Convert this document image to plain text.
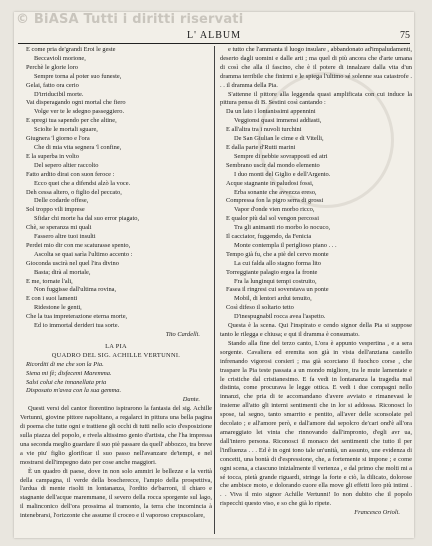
© BiASA Tutti i diritti riservati
L' ALBUM	75
E come pria de'grandi Eroi le geste
Beccavioli morione,
Perchè le glorie loro
Sempre torna al poter suo funeste,
Gelai, fatto ora cerio
D'irriducibil morte.
Vai disperagando ogni mortal che fiero
Volge ver te le sdegno passeggiero.
E spregi tua sapendo per che altine,
Sciolte le mortali sguare,
Giugnera 'l giorno e l'ora
Che di mia vita segnera 'l confine,
E la superba in volto
Del sepero altier raccolto
Fatto ardito dirai con suon feroce :
Ecco quei che a difendsi alzò la voce.
Deh cessa altero, o figlio del peccato,
Delle codarde offese,
Sol troppo vili imprese
Sfidar chi morte ha dal suo error piagato,
Chè, se speranza mi quali
Fassero altre tuoi insulti
Perdei mio dir con me scaturasse spento,
Ascolta se quai sarìa l'ultimo accento :
Gioconda uscirà nel quel l'ira divino
Basta; dirà al mortale,
E me, tornate l'ali,
Non fuggisse dall'ultima rovina,
E con i suoi lamenti
Ridestone le genti,
Che la tua impreterazione eterna morte,
Ed io immortal derideri tua sorte.
Tito Cardelli.
LA PIA
QUADRO DEL SIG. ACHILLE VERTUNNI.
Ricorditi di me che son la Pia.
Siena mi fè; disfecemi Maremma.
Salsi colui che innanellata pria
Disposato m'avea con la sua gemma.
Dante.
Questi versi del cantor fiorentino ispirarono la fantasia del sig. Achille Vertunni, giovine pittore napolitano, a regalarci in pittura una bella pagina di poema che tutte ogni e trattiene gli occhi di tutti nello scio d'esposizione sulla piazza del popolo, e rivela altissimo genio d'artista, che l'ha impressa una seconda meglio guardare il suo piè passare da quell' abbozzo, tra breve a vie piu' figlio glorificar il suo passo nell'avanzare de'tempi, e nel mostrarsi dell'impegno dato per cose anche maggiori.
È un quadro di paese, dove in non solo ammiri le bellezze e la verità della campagna, il verde della boscherecce, l'ampio della prospettiva, l'ardua di mente risolti in lontananza, l'ordito de'barroni, il chiaro e stagnante dell'acque maremmane, il severo della rocca sporgente sul lago, il malinconico dell'ora prossima al tramonto, la terra che incomincia à intenebrarsi, l'orizzonte che assume il croceo e il vaporoso crepuscolare,
e tutto che l'ammanta il luogo insulare , abbandonato ad'impaludamenti, deserto dagli uomini e dalle arti ; ma quel di più ancora che d'arte umana di così che alla il fascino, che è il potere di innalzare dalla vita d'un dramma terribile che finirmi e le spiega l'ultimo sé solenne sua catastrofe . . . il dramma della Pia.
S'attenne il pittore alla leggenda quasi amplificata con cui induce la pittura pensa di B. Sestini così cantando :
Da un lato i lontanissimi appennini
Veggionsi quasi immensi addiasti,
E all'altra tra i nuvoli turchini
De San Giulian le cime e di Vitelli,
E dalla parte d'Rutti marini
Sempre di nebbie sovrapposti ed atri
Sembrano uscir dal mondo elemento
I duo monti del Giglio e dell'Argento.
Acque stagnante in paludosi fossi,
Erba sonante che avvezza ereso,
Compressa fon la pigro serra di grossi
Vapor d'onde vien morbo ricco,
E qualor più dal sol vengon percossi
Tra gli animanti rio morbo lo nocuco,
Il cacciator, fuggendo, da Fenicia
Monte contempla il periglioso piano . . .
Tempo già fu, che a piè del cervo monte
La cui falda allo stagno forma lito
Torreggiante palagio ergea la fronte
Fra la lunginqui tempi costruito,
Fasea il ringresi cui soverstava un ponte
Mobil, di lentori ardui tenuito,
Così difeso il soltario tetto
D'inespugnabil rocca avea l'aspetto.
Questa è la scena. Qui l'inspirato e cendo signor della Pia si suppose tanto le rilegga e chiusa; e qui il dramma è consumato.
Stando alla fine del terzo canto, L'ora è appunto vespertina , e a sera sorgente. Cavaliera ed eremita son già in vista dell'anziana castello infrenando vigorosi corsieri ; ma già scorciano il fuochco corse , che traspare la Pia teste passata a un mondo migliore, tra le mute lamentate e le cristiche dal cristianesimo. E fa vedi in lontananza la tragedia mal distinta, come procurava le legge ottica. E vedi i due compagni nello innanzi, che pria di te accomandano d'avere avviato e rimanevasi le insieme all'atto gli interni sentimenti che in lor si addossa. Riconosci lo spose, tal segno, tanto smarrito e pentito, all'aver delle sconsolate pel decolato ; e all'amore però, e dall'amore dal sepolcro de'cari ond'è all'ora amareggiato lei vinta che rinnovando dall'impronto, d'egli avr ua, dall'intero persona. Riconosci il monaco dei sentimenti che tutto il per l'influenza . . . Ed è in ogni tono tale un'unità, un assunto, une evidenza di concetti, una bontà di d'espressione, che, a fortemente si impone ; e come ogni scena, a ciascuno inizialmente il vertenza , e dal primo che molti mi a sé tocca, pietà grande riguardi, stringe la forte e ciò, la dilicato, dolorose che ambisce moto, e dolorando cuore ella move gli effetti loro più intimi . . . Viva il mio signor Achille Vertunni! Io non dubito che il popolo rispecchi questo viso, e so che già lo ripete.
Francesco Orioli.
